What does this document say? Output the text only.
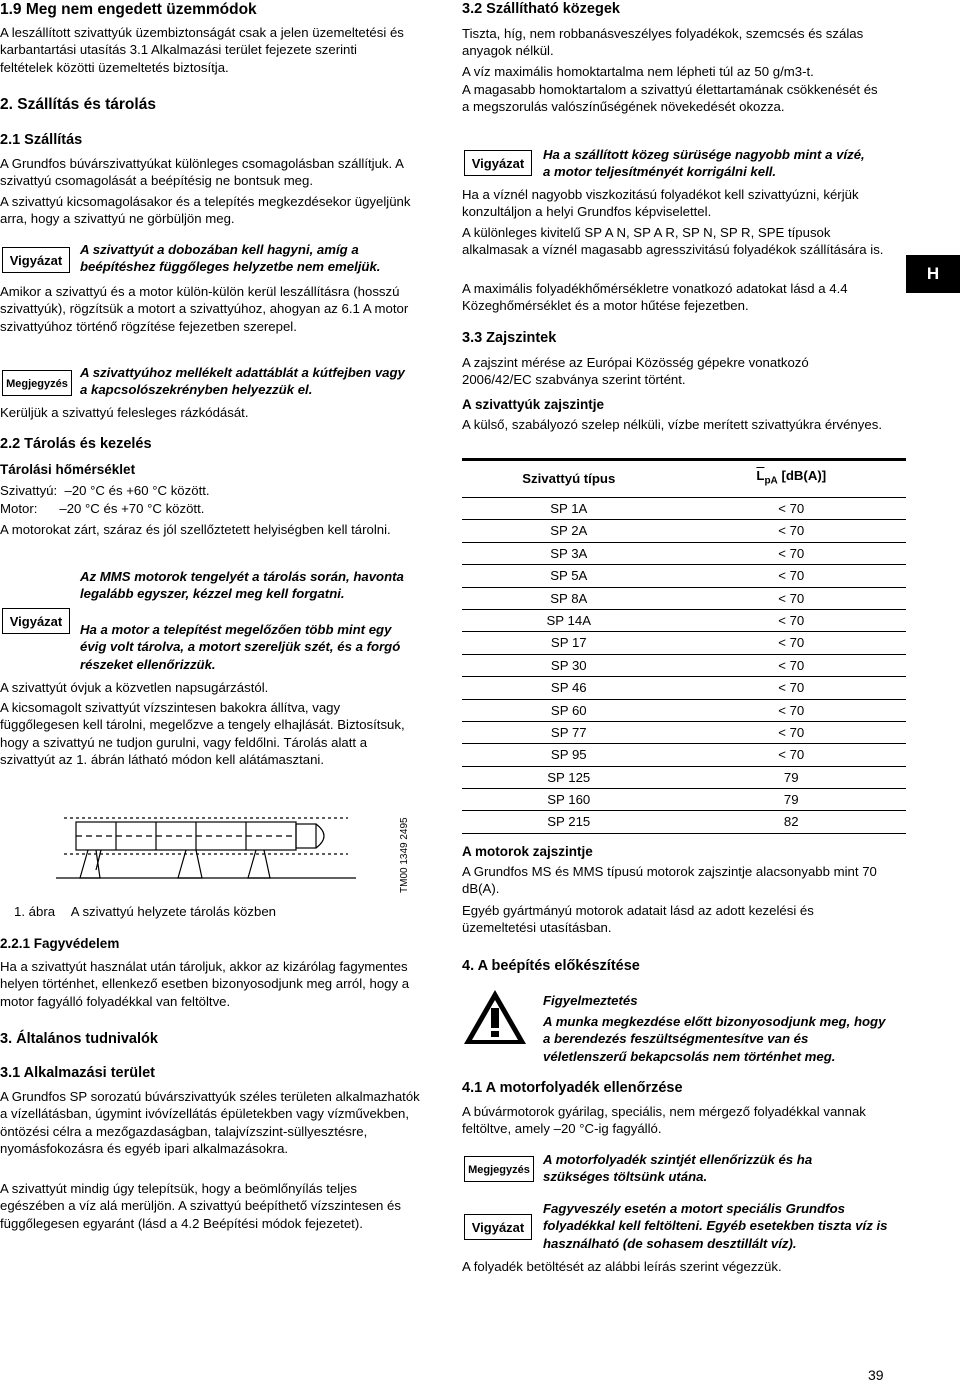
1.9 Meg nem engedett üzemmódok

A leszállított szivattyúk üzembiztonságát csak a jelen üzemeltetési és karbantartási utasítás 3.1 Alkalmazási terület fejezete szerinti feltételek közötti üzemeltetés biztosítja.

2. Szállítás és tárolás
2.1 Szállítás

A Grundfos búvárszivattyúkat különleges csomagolásban szállítjuk. A szivattyú csomagolását a beépítésig ne bontsuk meg.

A szivattyú kicsomagolásakor és a telepítés megkezdésekor ügyeljünk arra, hogy a szivattyú ne görbüljön meg.

Vigyázat
A szivattyút a dobozában kell hagyni, amíg a beépítéshez függőleges helyzetbe nem emeljük.

Amikor a szivattyú és a motor külön-külön kerül leszállításra (hosszú szivattyúk), rögzítsük a motort a szivattyúhoz, ahogyan az 6.1 A motor szivattyúhoz történő rögzítése fejezetben szerepel.

Megjegyzés
A szivattyúhoz mellékelt adattáblát a kútfejben vagy a kapcsolószekrényben helyezzük el.

Kerüljük a szivattyú felesleges rázkódását.

2.2 Tárolás és kezelés
Tárolási hőmérséklet

Szivattyú:  –20 °C és +60 °C között.

Motor:      –20 °C és +70 °C között.

A motorokat zárt, száraz és jól szellőztetett helyiségben kell tárolni.

Vigyázat
Az MMS motorok tengelyét a tárolás során, havonta legalább egyszer, kézzel meg kell forgatni.
Ha a motor a telepítést megelőzően több mint egy évig volt tárolva, a motort szereljük szét, és a forgó részeket ellenőrizzük.

A szivattyút óvjuk a közvetlen napsugárzástól.

A kicsomagolt szivattyút vízszintesen bakokra állítva, vagy függőlegesen kell tárolni, megelőzve a tengely elhajlását. Biztosítsuk, hogy a szivattyú ne tudjon gurulni, vagy feldőlni. Tárolás alatt a szivattyút az 1. ábrán látható módon kell alátámasztani.

TM00 1349 2495
1. ábra A szivattyú helyzete tárolás közben
2.2.1 Fagyvédelem

Ha a szivattyút használat után tároljuk, akkor az kizárólag fagymentes helyen történhet, ellenkező esetben bizonyosodjunk meg arról, hogy a motor fagyálló folyadékkal van feltöltve.

3. Általános tudnivalók
3.1 Alkalmazási terület

A Grundfos SP sorozatú búvárszivattyúk széles területen alkalmazhatók a vízellátásban, úgymint ivóvízellátás épületekben vagy vízművekben, öntözési célra a mezőgazdaságban, talajvízszint-süllyesztésre, nyomásfokozásra és egyéb ipari alkalmazásokra.

A szivattyút mindig úgy telepítsük, hogy a beömlőnyílás teljes egészében a víz alá merüljön. A szivattyú beépíthető vízszintesen és függőlegesen egyaránt (lásd a 4.2 Beépítési módok fejezetet).

3.2 Szállítható közegek

Tiszta, híg, nem robbanásveszélyes folyadékok, szemcsés és szálas anyagok nélkül.

A víz maximális homoktartalma nem lépheti túl az 50 g/m3-t.

A magasabb homoktartalom a szivattyú élettartamának csökkenését és a megszorulás valószínűségének növekedését okozza.

Vigyázat
Ha a szállított közeg sürüsége nagyobb mint a vízé, a motor teljesítményét korrigálni kell.

Ha a víznél nagyobb viszkozitású folyadékot kell szivattyúzni, kérjük konzultáljon a helyi Grundfos képviselettel.

A különleges kivitelű SP A N, SP A R, SP N, SP R, SPE típusok alkalmasak a víznél magasabb agresszivitású folyadékok szállítására is.

A maximális folyadékhőmérsékletre vonatkozó adatokat lásd a 4.4 Közeghőmérséklet és a motor hűtése fejezetben.

3.3 Zajszintek

A zajszint mérése az Európai Közösség gépekre vonatkozó 2006/42/EC szabványa szerint történt.

A szivattyúk zajszintje

A külső, szabályozó szelep nélküli, vízbe merített szivattyúkra érvényes.

Szivattyú típus	$\overline{L}_{pA}$ [dB(A)]
SP 1A	< 70
SP 2A	< 70
SP 3A	< 70
SP 5A	< 70
SP 8A	< 70
SP 14A	< 70
SP 17	< 70
SP 30	< 70
SP 46	< 70
SP 60	< 70
SP 77	< 70
SP 95	< 70
SP 125	79
SP 160	79
SP 215	82
A motorok zajszintje

A Grundfos MS és MMS típusú motorok zajszintje alacsonyabb mint 70 dB(A).

Egyéb gyártmányú motorok adatait lásd az adott kezelési és üzemeltetési utasításban.

4. A beépítés előkészítése
Figyelmeztetés
A munka megkezdése előtt bizonyosodjunk meg, hogy a berendezés feszültségmentesítve van és véletlenszerű bekapcsolás nem történhet meg.
4.1 A motorfolyadék ellenőrzése

A búvármotorok gyárilag, speciális, nem mérgező folyadékkal vannak feltöltve, amely –20 °C-ig fagyálló.

Megjegyzés
A motorfolyadék szintjét ellenőrizzük és ha szükséges töltsünk utána.
Vigyázat
Fagyveszély esetén a motort speciális Grundfos folyadékkal kell feltölteni. Egyéb esetekben tiszta víz is használható (de sohasem desztillált víz).

A folyadék betöltését az alábbi leírás szerint végezzük.

H
39
